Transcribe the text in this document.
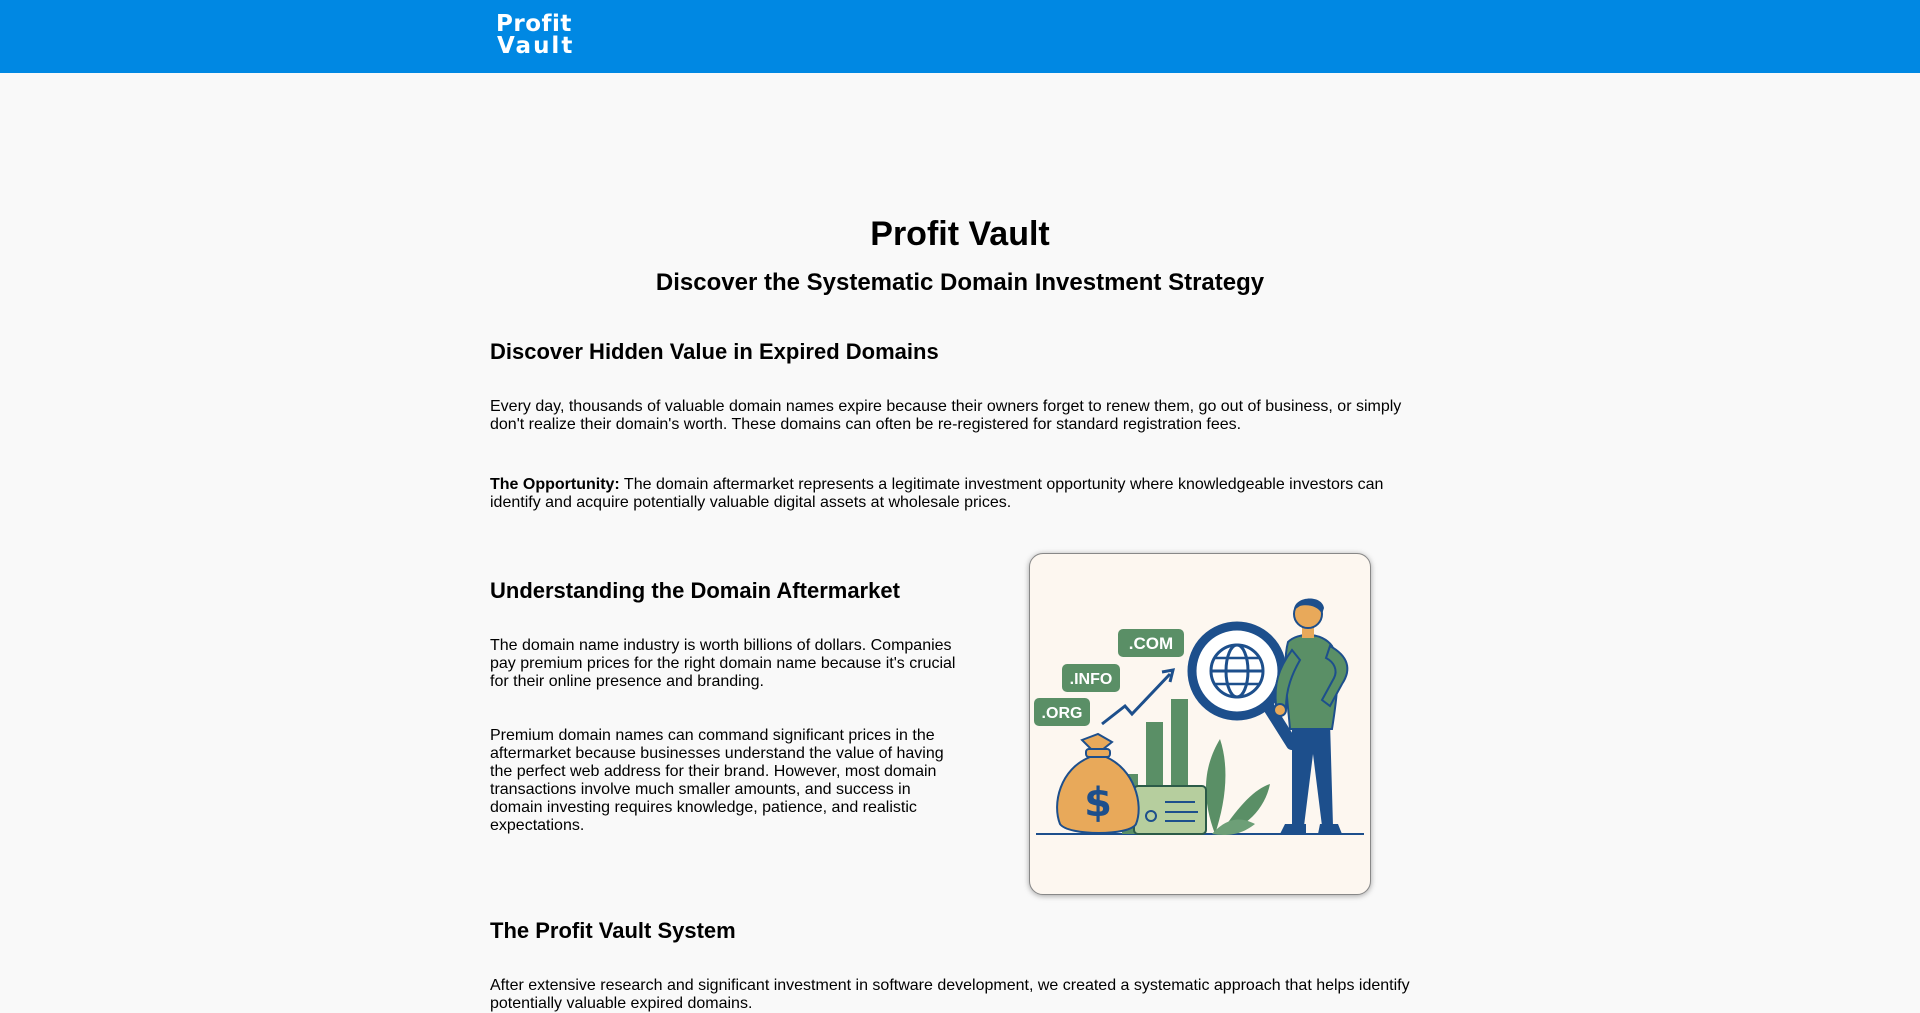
Profit
Vault
Profit Vault
Discover the Systematic Domain Investment Strategy
Discover Hidden Value in Expired Domains

Every day, thousands of valuable domain names expire because their owners forget to renew them, go out of business, or simply don't realize their domain's worth. These domains can often be re-registered for standard registration fees.

The Opportunity: The domain aftermarket represents a legitimate investment opportunity where knowledgeable investors can identify and acquire potentially valuable digital assets at wholesale prices.

Understanding the Domain Aftermarket

The domain name industry is worth billions of dollars. Companies pay premium prices for the right domain name because it's crucial for their online presence and branding.

Premium domain names can command significant prices in the aftermarket because businesses understand the value of having the perfect web address for their brand. However, most domain transactions involve much smaller amounts, and success in domain investing requires knowledge, patience, and realistic expectations.	$
.COM
.INFO
.ORG
The Profit Vault System

After extensive research and significant investment in software development, we created a systematic approach that helps identify potentially valuable expired domains.
